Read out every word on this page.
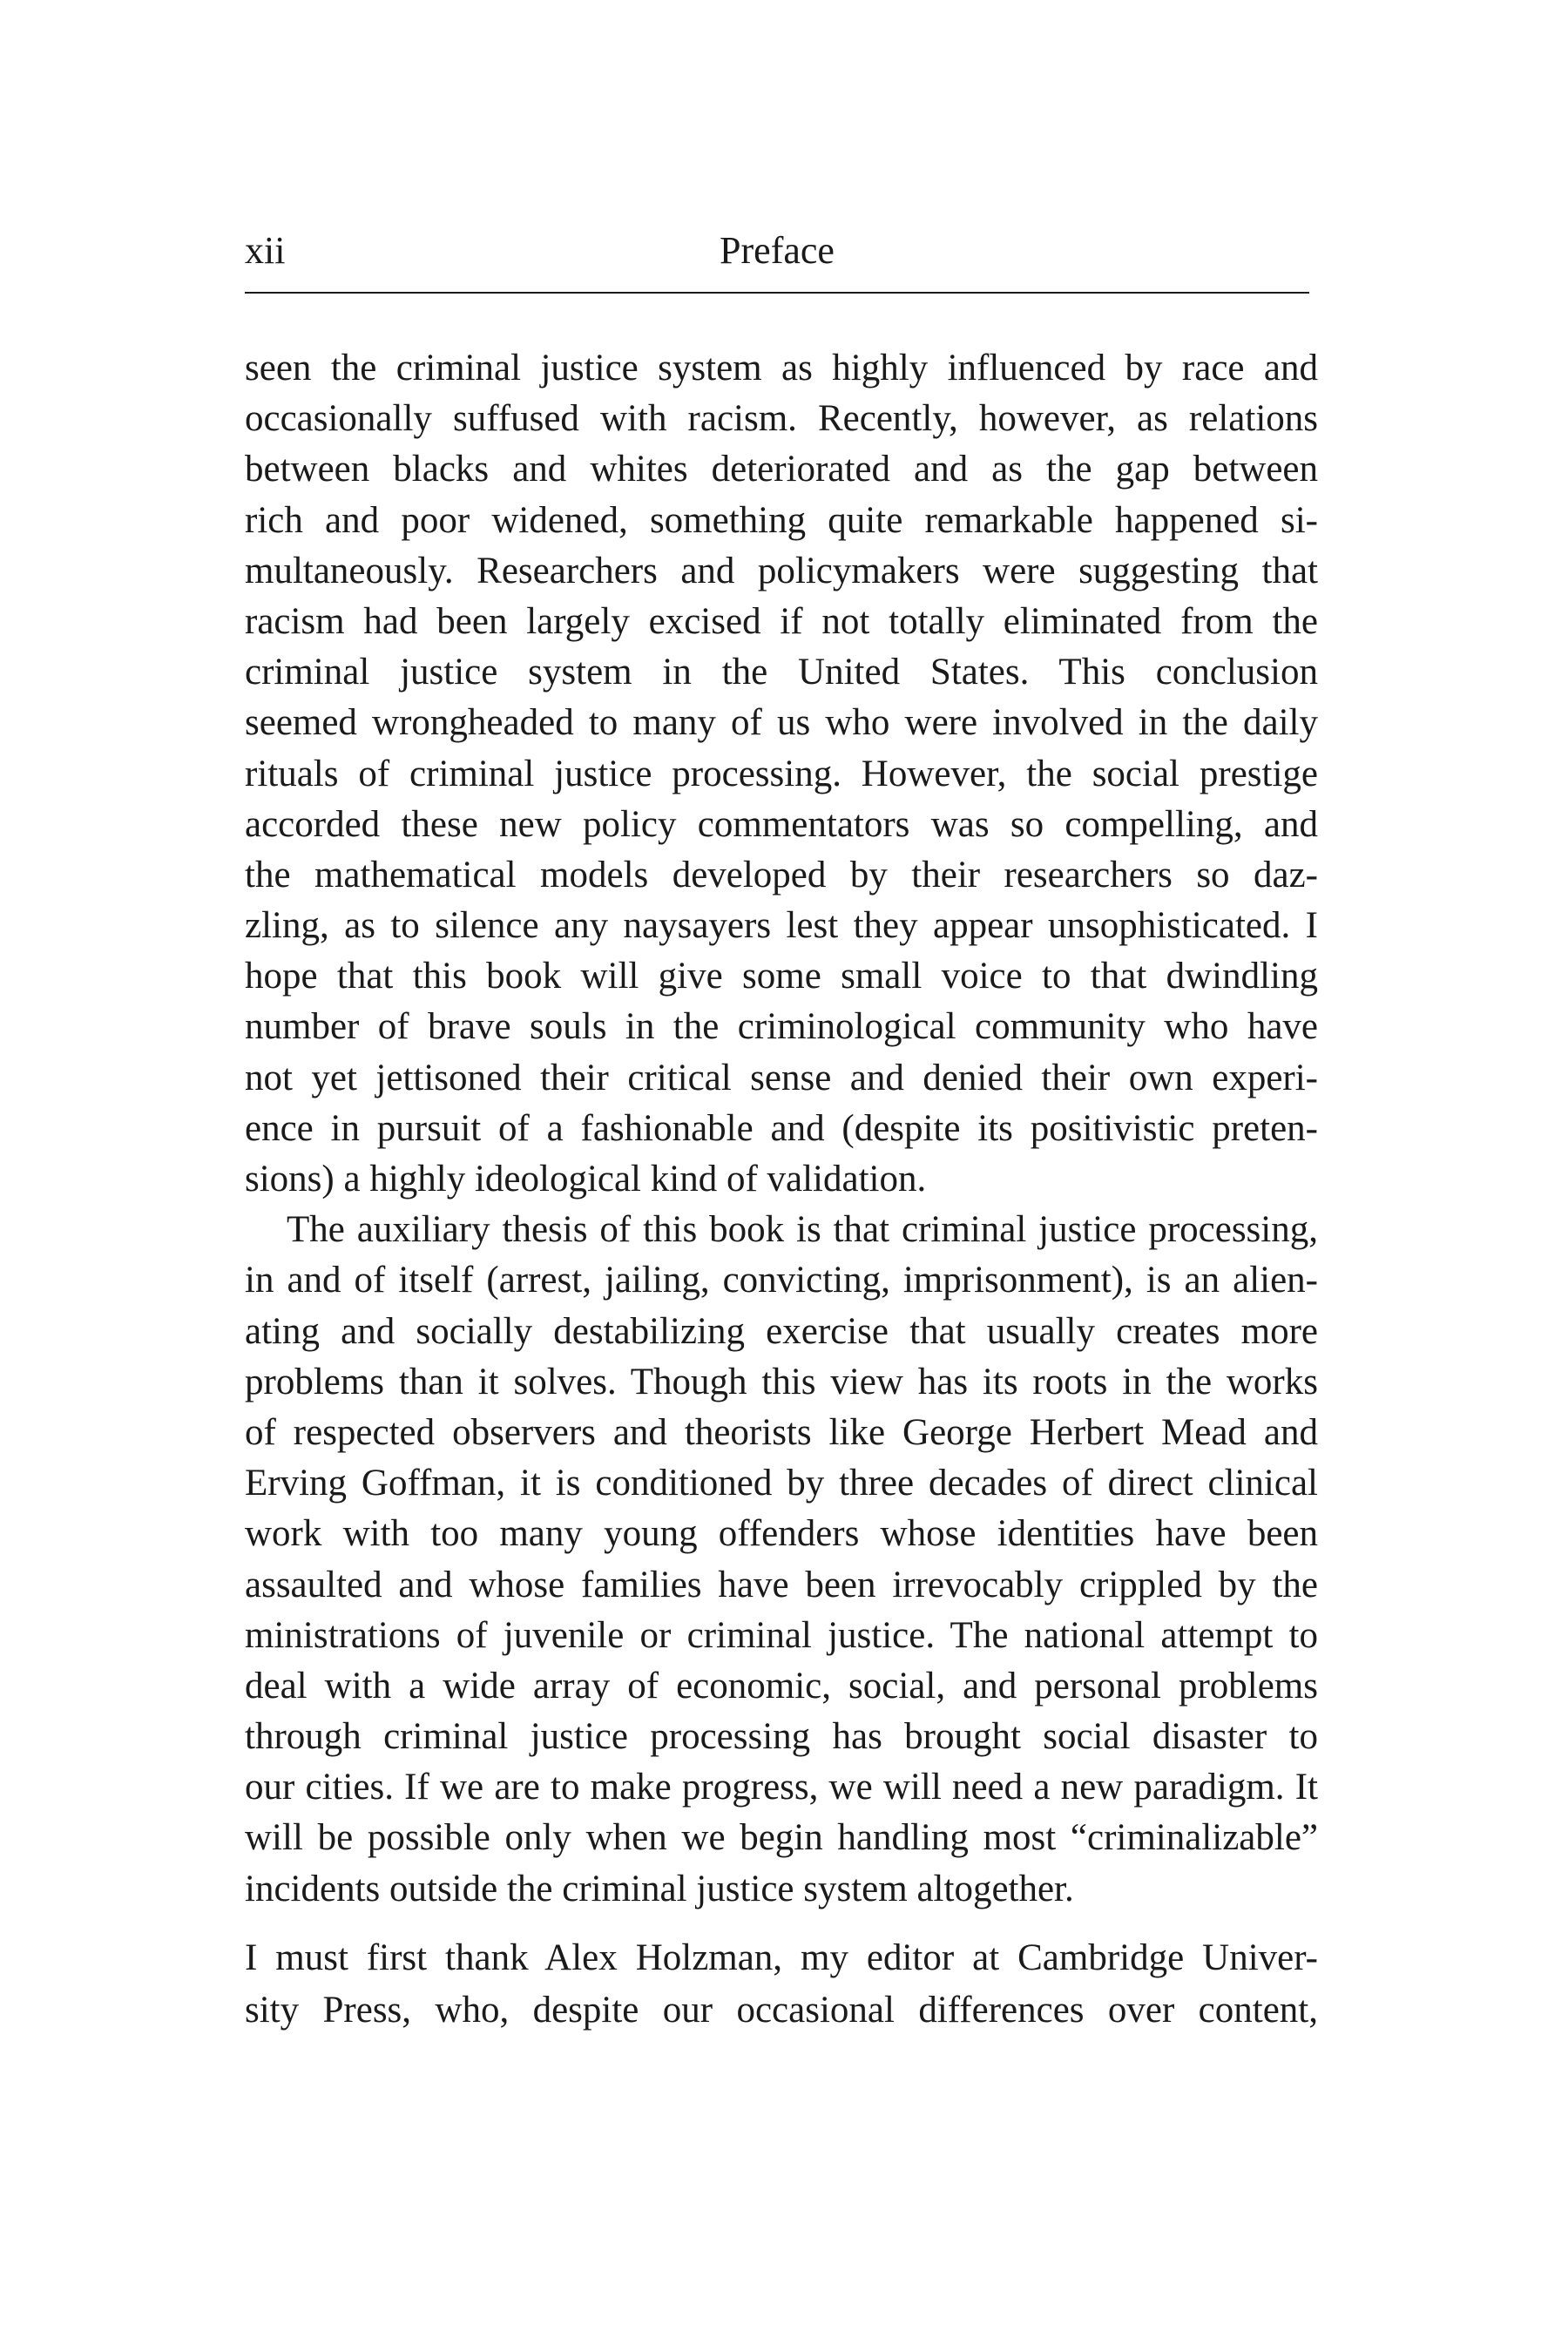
xii	Preface
seen the criminal justice system as highly influenced by race and
occasionally suffused with racism. Recently, however, as relations
between blacks and whites deteriorated and as the gap between
rich and poor widened, something quite remarkable happened si-
multaneously. Researchers and policymakers were suggesting that
racism had been largely excised if not totally eliminated from the
criminal justice system in the United States. This conclusion
seemed wrongheaded to many of us who were involved in the daily
rituals of criminal justice processing. However, the social prestige
accorded these new policy commentators was so compelling, and
the mathematical models developed by their researchers so daz-
zling, as to silence any naysayers lest they appear unsophisticated. I
hope that this book will give some small voice to that dwindling
number of brave souls in the criminological community who have
not yet jettisoned their critical sense and denied their own experi-
ence in pursuit of a fashionable and (despite its positivistic preten-
sions) a highly ideological kind of validation.
The auxiliary thesis of this book is that criminal justice processing,
in and of itself (arrest, jailing, convicting, imprisonment), is an alien-
ating and socially destabilizing exercise that usually creates more
problems than it solves. Though this view has its roots in the works
of respected observers and theorists like George Herbert Mead and
Erving Goffman, it is conditioned by three decades of direct clinical
work with too many young offenders whose identities have been
assaulted and whose families have been irrevocably crippled by the
ministrations of juvenile or criminal justice. The national attempt to
deal with a wide array of economic, social, and personal problems
through criminal justice processing has brought social disaster to
our cities. If we are to make progress, we will need a new paradigm. It
will be possible only when we begin handling most “criminalizable”
incidents outside the criminal justice system altogether.
I must first thank Alex Holzman, my editor at Cambridge Univer-
sity Press, who, despite our occasional differences over content,
